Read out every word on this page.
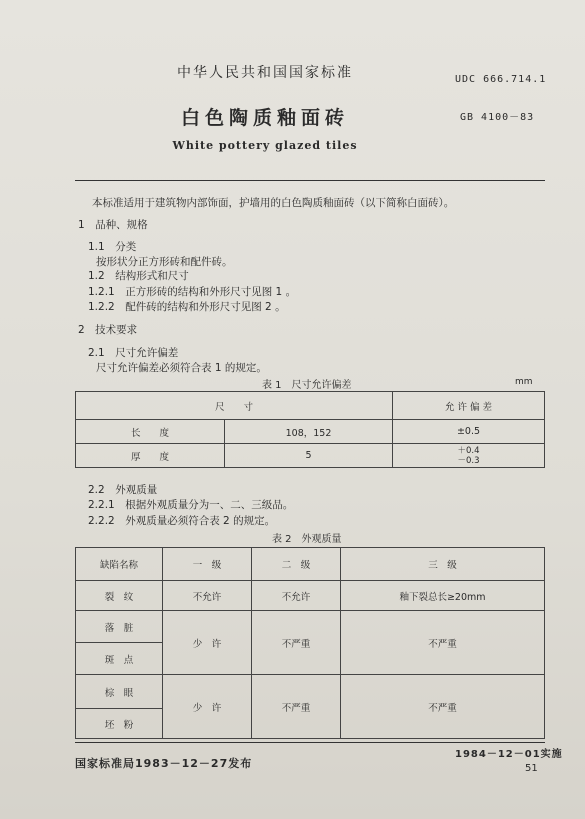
中华人民共和国国家标准	UDC 666.714.1
白色陶质釉面砖	GB 4100－83
White pottery glazed tiles
本标准适用于建筑物内部饰面，护墙用的白色陶质釉面砖（以下简称白面砖）。
1　品种、规格
1.1　分类
按形状分正方形砖和配件砖。
1.2　结构形式和尺寸
1.2.1　正方形砖的结构和外形尺寸见图 1 。
1.2.2　配件砖的结构和外形尺寸见图 2 。
2　技术要求
2.1　尺寸允许偏差
尺寸允许偏差必须符合表 1 的规定。
表 1　尺寸允许偏差	mm
尺　　寸		允 许 偏 差
长　　度	108，152	±0.5
厚　　度	5	＋0.4
－0.3
2.2　外观质量
2.2.1　根据外观质量分为一、二、三级品。
2.2.2　外观质量必须符合表 2 的规定。
表 2　外观质量
缺陷名称	一　级	二　级	三　级
裂　纹	不允许	不允许	釉下裂总长≥20mm
落　脏	少　许	不严重	不严重
斑　点			
棕　眼	少　许	不严重	不严重
坯　粉			
国家标准局1983－12－27发布
1984－12－01实施
51
